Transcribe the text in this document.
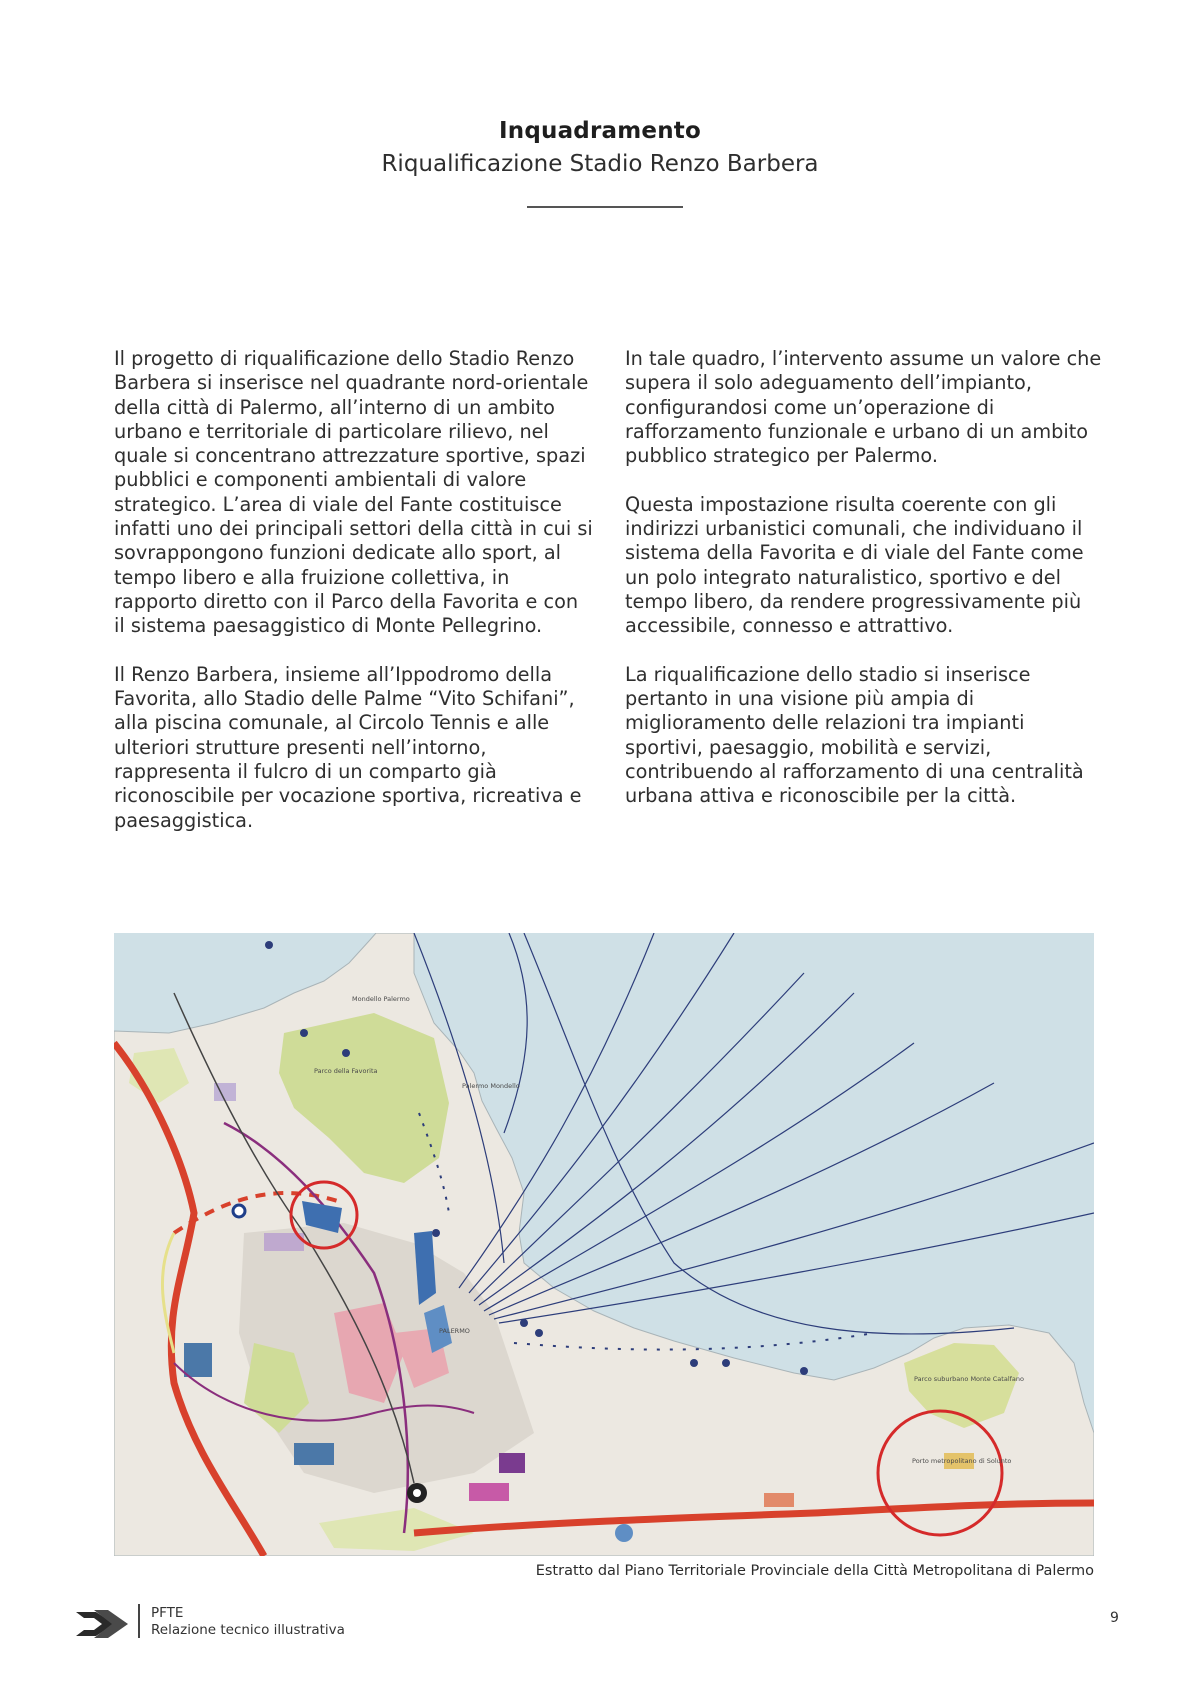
Inquadramento
Riqualificazione Stadio Renzo Barbera

Il progetto di riqualificazione dello Stadio Renzo Barbera si inserisce nel quadrante nord-orientale della città di Palermo, all’interno di un ambito urbano e territoriale di particolare rilievo, nel quale si concentrano attrezzature sportive, spazi pubblici e componenti ambientali di valore strategico. L’area di viale del Fante costituisce infatti uno dei principali settori della città in cui si sovrappongono funzioni dedicate allo sport, al tempo libero e alla fruizione collettiva, in rapporto diretto con il Parco della Favorita e con il sistema paesaggistico di Monte Pellegrino.

Il Renzo Barbera, insieme all’Ippodromo della Favorita, allo Stadio delle Palme “Vito Schifani”, alla piscina comunale, al Circolo Tennis e alle ulteriori strutture presenti nell’intorno, rappresenta il fulcro di un comparto già riconoscibile per vocazione sportiva, ricreativa e paesaggistica.

In tale quadro, l’intervento assume un valore che supera il solo adeguamento dell’impianto, configurandosi come un’operazione di rafforzamento funzionale e urbano di un ambito pubblico strategico per Palermo.

Questa impostazione risulta coerente con gli indirizzi urbanistici comunali, che individuano il sistema della Favorita e di viale del Fante come un polo integrato naturalistico, sportivo e del tempo libero, da rendere progressivamente più accessibile, connesso e attrattivo.

La riqualificazione dello stadio si inserisce pertanto in una visione più ampia di miglioramento delle relazioni tra impianti sportivi, paesaggio, mobilità e servizi, contribuendo al rafforzamento di una centralità urbana attiva e riconoscibile per la città.

Mondello Palermo
Parco della Favorita
Palermo Mondello
PALERMO
Parco suburbano Monte Catalfano
Porto metropolitano di Solunto
Estratto dal Piano Territoriale Provinciale della Città Metropolitana di Palermo
PFTE
Relazione tecnico illustrativa
9
